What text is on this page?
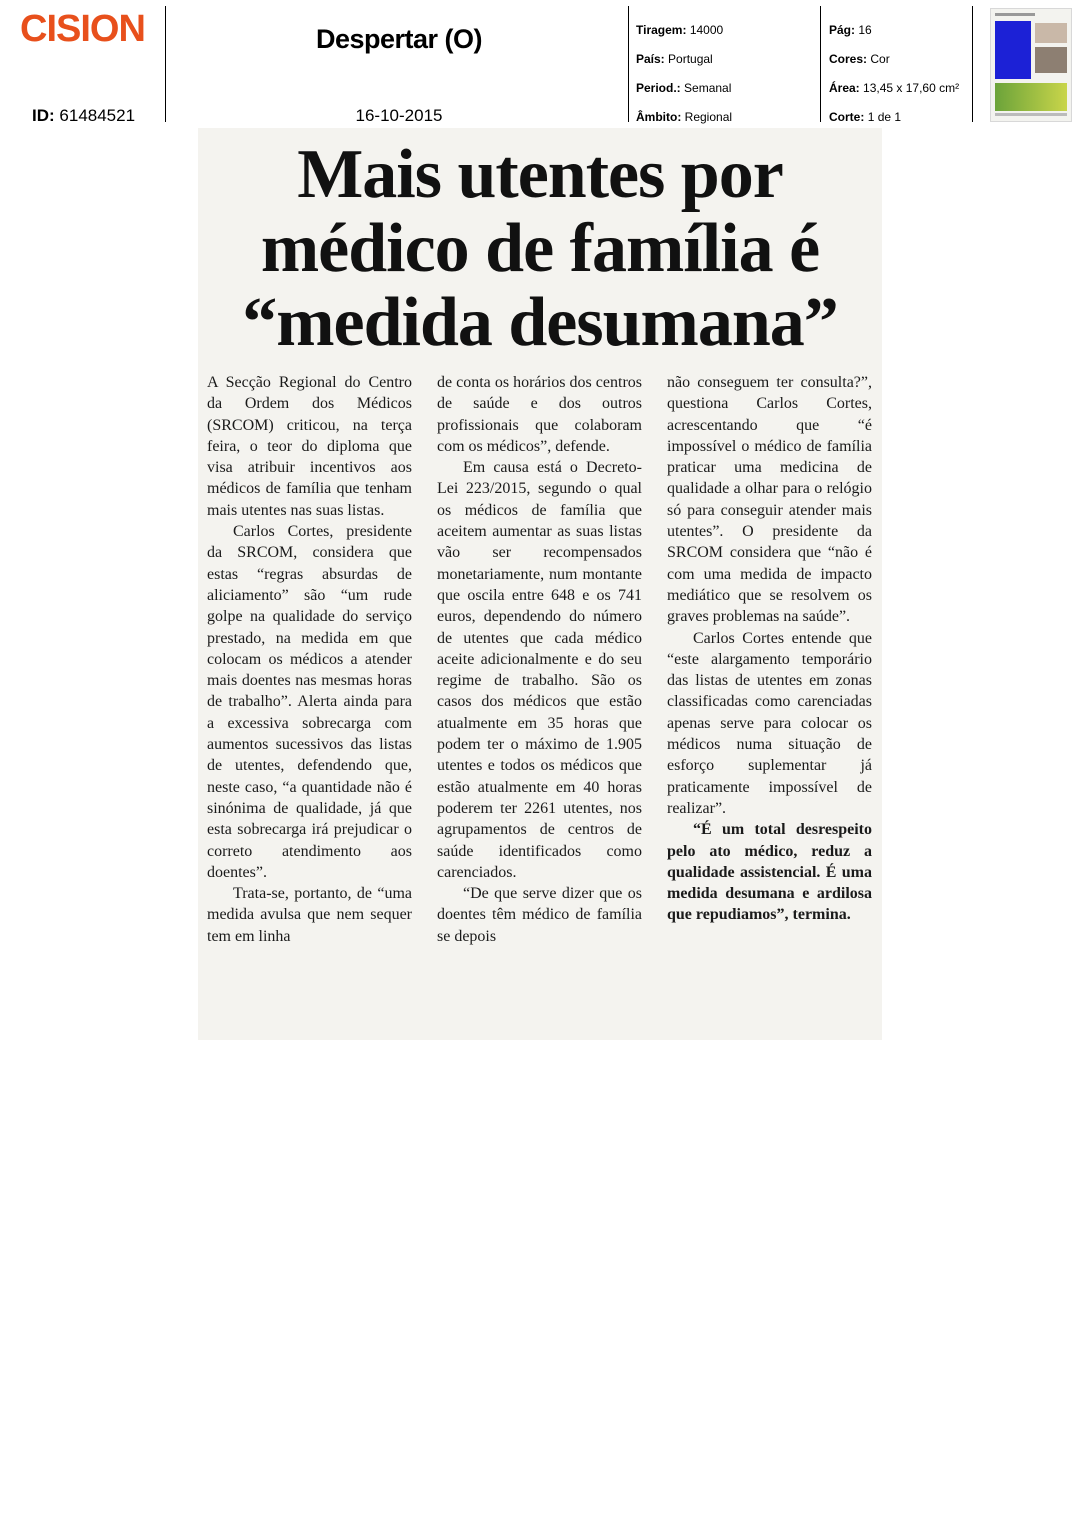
CISION
ID: 61484521
Despertar (O)
16-10-2015
Tiragem: 14000
País: Portugal
Period.: Semanal
Âmbito: Regional
Pág: 16
Cores: Cor
Área: 13,45 x 17,60 cm²
Corte: 1 de 1
Mais utentes por
médico de família é
“medida desumana”

A Secção Regional do Centro da Ordem dos Médicos (SRCOM) criticou, na terça feira, o teor do diploma que visa atribuir incentivos aos médicos de família que tenham mais utentes nas suas listas.

Carlos Cortes, presidente da SRCOM, considera que estas “regras absurdas de aliciamento” são “um rude golpe na qualidade do serviço prestado, na medida em que colocam os médicos a atender mais doentes nas mesmas horas de trabalho”. Alerta ainda para a excessiva sobrecarga com aumentos sucessivos das listas de utentes, defendendo que, neste caso, “a quantidade não é sinónima de qualidade, já que esta sobrecarga irá prejudicar o correto atendimento aos doentes”.

Trata-se, portanto, de “uma medida avulsa que nem sequer tem em linha

de conta os horários dos centros de saúde e dos outros profissionais que colaboram com os médicos”, defende.

Em causa está o Decreto-Lei 223/2015, segundo o qual os médicos de família que aceitem aumentar as suas listas vão ser recompensados monetariamente, num montante que oscila entre 648 e os 741 euros, dependendo do número de utentes que cada médico aceite adicionalmente e do seu regime de trabalho. São os casos dos médicos que estão atualmente em 35 horas que podem ter o máximo de 1.905 utentes e todos os médicos que estão atualmente em 40 horas poderem ter 2261 utentes, nos agrupamentos de centros de saúde identificados como carenciados.

“De que serve dizer que os doentes têm médico de família se depois

não conseguem ter consulta?”, questiona Carlos Cortes, acrescentando que “é impossível o médico de família praticar uma medicina de qualidade a olhar para o relógio só para conseguir atender mais utentes”. O presidente da SRCOM considera que “não é com uma medida de impacto mediático que se resolvem os graves problemas na saúde”.

Carlos Cortes entende que “este alargamento temporário das listas de utentes em zonas classificadas como carenciadas apenas serve para colocar os médicos numa situação de esforço suplementar já praticamente impossível de realizar”.

“É um total desrespeito pelo ato médico, reduz a qualidade assistencial. É uma medida desumana e ardilosa que repudiamos”, termina.
